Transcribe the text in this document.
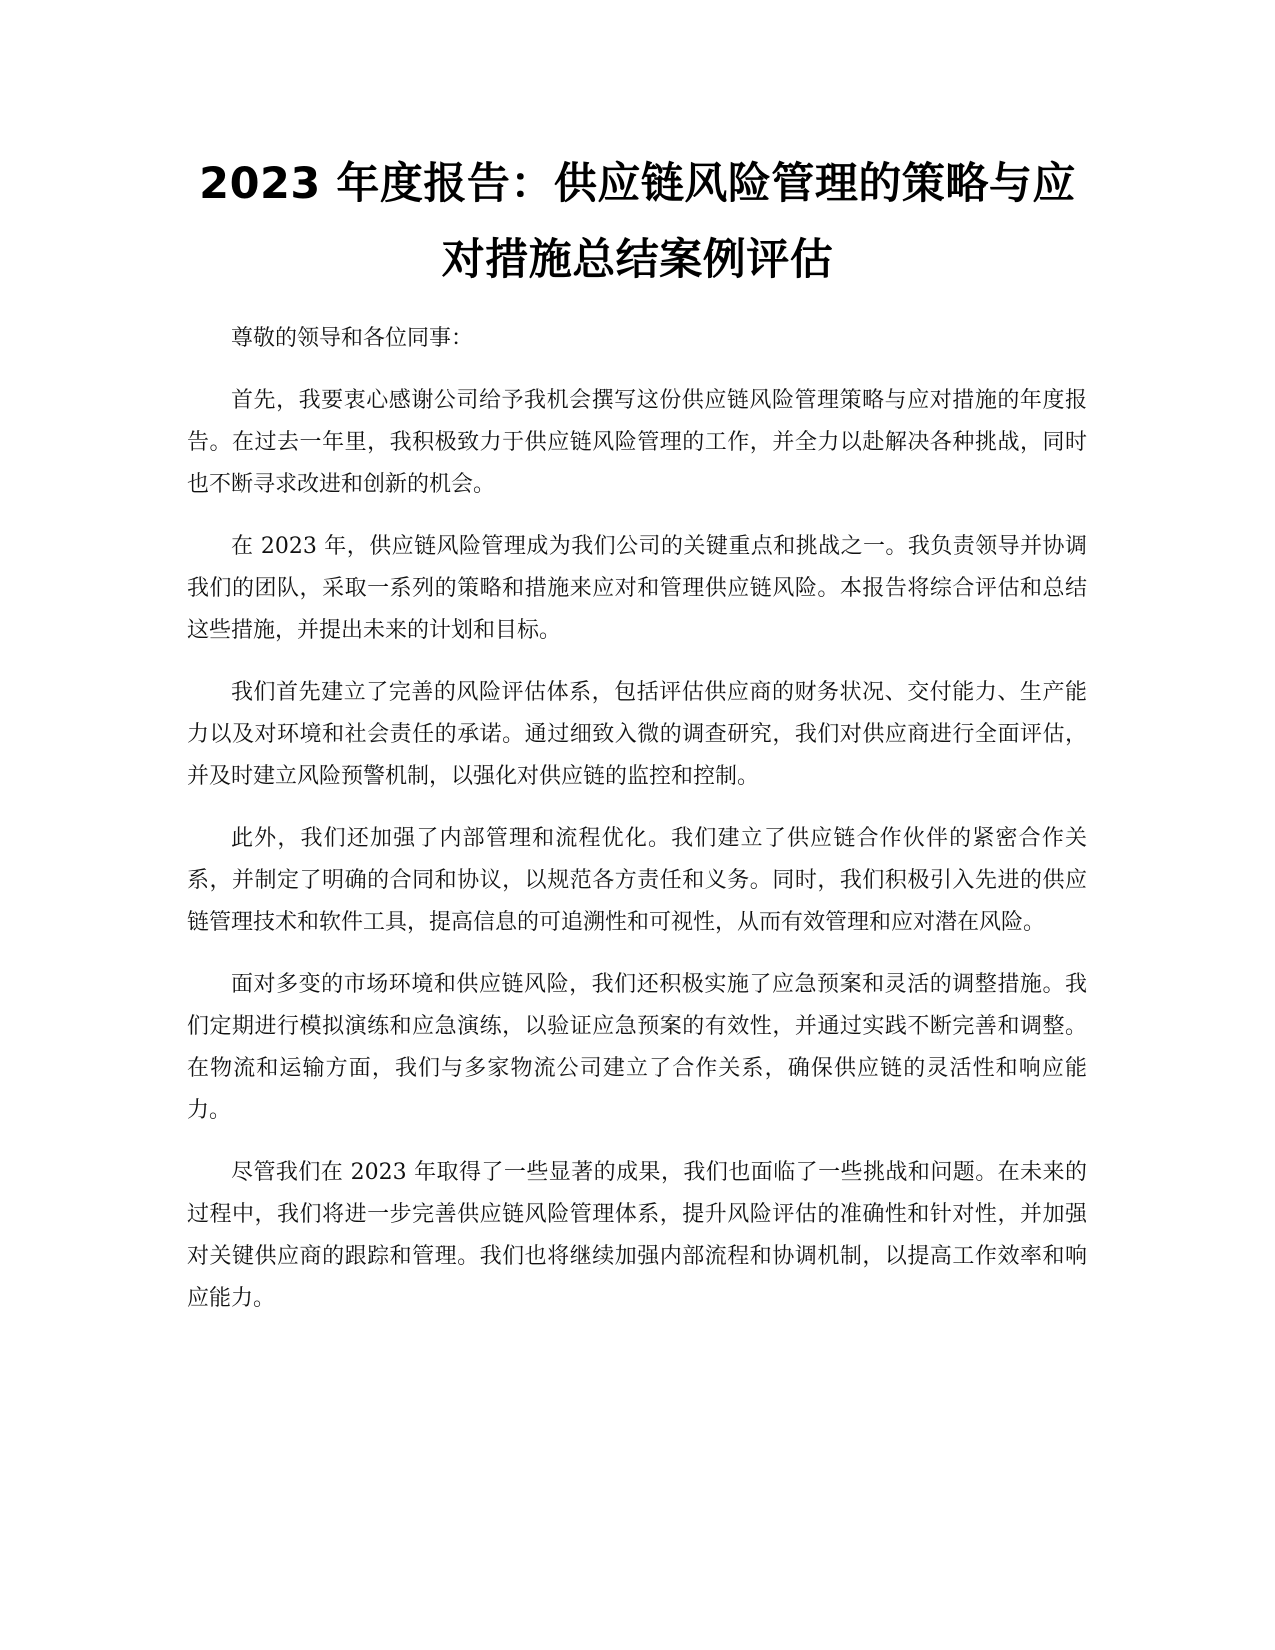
2023 年度报告：供应链风险管理的策略与应
对措施总结案例评估

尊敬的领导和各位同事：

首先，我要衷心感谢公司给予我机会撰写这份供应链风险管理策略与应对措施的年度报告。在过去一年里，我积极致力于供应链风险管理的工作，并全力以赴解决各种挑战，同时也不断寻求改进和创新的机会。

在 2023 年，供应链风险管理成为我们公司的关键重点和挑战之一。我负责领导并协调我们的团队，采取一系列的策略和措施来应对和管理供应链风险。本报告将综合评估和总结这些措施，并提出未来的计划和目标。

我们首先建立了完善的风险评估体系，包括评估供应商的财务状况、交付能力、生产能力以及对环境和社会责任的承诺。通过细致入微的调查研究，我们对供应商进行全面评估，并及时建立风险预警机制，以强化对供应链的监控和控制。

此外，我们还加强了内部管理和流程优化。我们建立了供应链合作伙伴的紧密合作关系，并制定了明确的合同和协议，以规范各方责任和义务。同时，我们积极引入先进的供应链管理技术和软件工具，提高信息的可追溯性和可视性，从而有效管理和应对潜在风险。

面对多变的市场环境和供应链风险，我们还积极实施了应急预案和灵活的调整措施。我们定期进行模拟演练和应急演练，以验证应急预案的有效性，并通过实践不断完善和调整。在物流和运输方面，我们与多家物流公司建立了合作关系，确保供应链的灵活性和响应能力。

尽管我们在 2023 年取得了一些显著的成果，我们也面临了一些挑战和问题。在未来的过程中，我们将进一步完善供应链风险管理体系，提升风险评估的准确性和针对性，并加强对关键供应商的跟踪和管理。我们也将继续加强内部流程和协调机制，以提高工作效率和响应能力。
